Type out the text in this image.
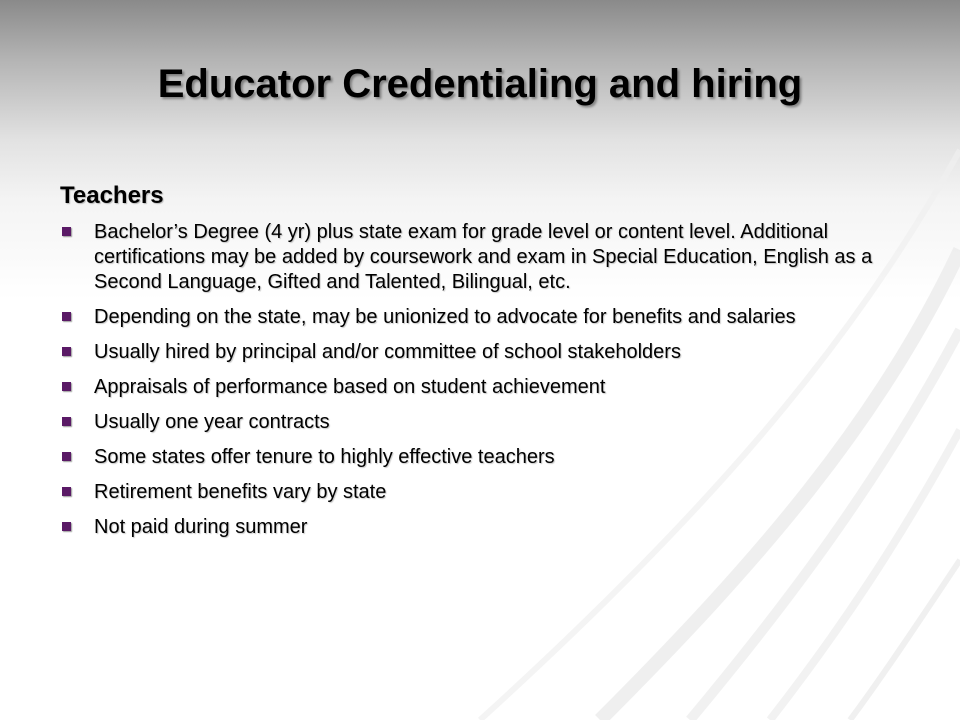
Educator Credentialing and hiring
Teachers
Bachelor’s Degree (4 yr) plus state exam for grade level or content level. Additional certifications may be added by coursework and exam in Special Education, English as a Second Language, Gifted and Talented, Bilingual, etc.
Depending on the state, may be unionized to advocate for benefits and salaries
Usually hired by principal and/or committee of school stakeholders
Appraisals of performance based on student achievement
Usually one year contracts
Some states offer tenure to highly effective teachers
Retirement benefits vary by state
Not paid during summer
